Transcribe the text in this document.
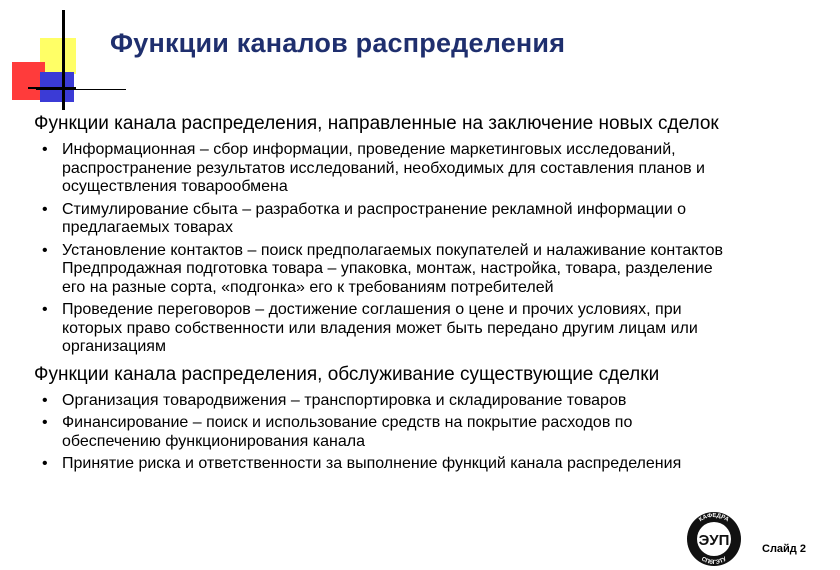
Функции каналов распределения

Функции канала распределения, направленные на заключение новых сделок

• Информационная – сбор информации, проведение маркетинговых исследований,
распространение результатов исследований, необходимых для составления планов и
осуществления товарообмена
• Стимулирование сбыта – разработка и распространение рекламной информации о
предлагаемых товарах
• Установление контактов – поиск предполагаемых покупателей и налаживание контактов
Предпродажная подготовка товара – упаковка, монтаж, настройка, товара, разделение
его на разные сорта, «подгонка» его к требованиям потребителей
• Проведение переговоров – достижение соглашения о цене и прочих условиях, при
которых право собственности или владения может быть передано другим лицам или
организациям

Функции канала распределения, обслуживание существующие сделки

• Организация товародвижения – транспортировка и складирование товаров
• Финансирование – поиск и использование средств на покрытие расходов по
обеспечению функционирования канала
• Принятие риска и ответственности за выполнение функций канала распределения
КАФЕДРА
СПбГЭТУ
ЭУП	Слайд 2
